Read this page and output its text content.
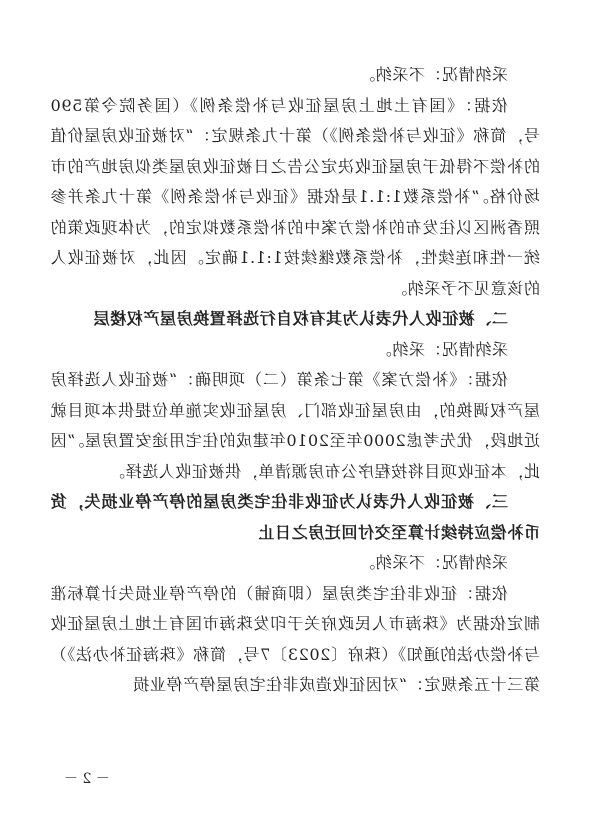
采纳情况：不采纳。

依据：《国有土地上房屋征收与补偿条例》（国务院令第590号，简称《征收与补偿条例》）第十九条规定：“对被征收房屋价值的补偿不得低于房屋征收决定公告之日被征收房屋类似房地产的市场价格。”补偿系数1:1.1是依据《征收与补偿条例》第十九条并参照香洲区以往发布的补偿方案中的补偿系数拟定的，为体现政策的统一性和连续性，补偿系数继续按1:1.1确定。因此，对被征收人的该意见不予采纳。

二、被征收人代表认为其有权自行选择置换房屋产权楼层

采纳情况：采纳。

依据：《补偿方案》第七条第（二）项明确：“被征收人选择房屋产权调换的，由房屋征收部门、房屋征收实施单位提供本项目就近地段，优先考虑2000年至2010年建成的住宅用途安置房屋。”因此，本征收项目将按程序公布房源清单，供被征收人选择。

三、被征收人代表认为征收非住宅类房屋的停产停业损失，货币补偿应持续计算至交付回迁房之日止

采纳情况：不采纳。

依据：征收非住宅类房屋（即商铺）的停产停业损失计算标准制定依据为《珠海市人民政府关于印发珠海市国有土地上房屋征收与补偿办法的通知》（珠府〔2023〕7号，简称《珠海征补办法》）第三十五条规定：“对因征收造成非住宅房屋停产停业损

－ 2 －
